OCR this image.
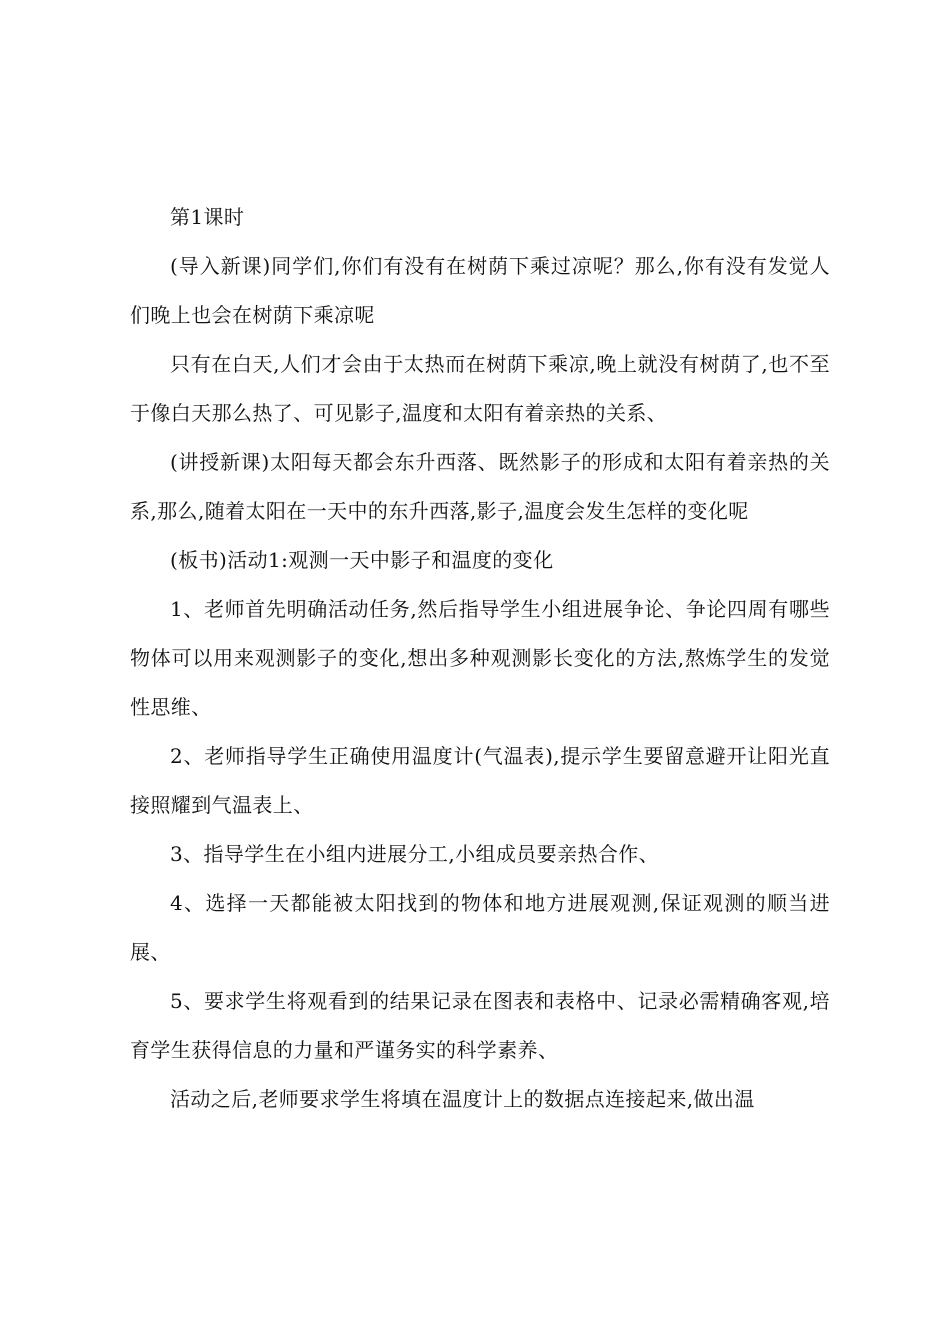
第1课时

(导入新课)同学们,你们有没有在树荫下乘过凉呢？那么,你有没有发觉人们晚上也会在树荫下乘凉呢

只有在白天,人们才会由于太热而在树荫下乘凉,晚上就没有树荫了,也不至于像白天那么热了、可见影子,温度和太阳有着亲热的关系、

(讲授新课)太阳每天都会东升西落、既然影子的形成和太阳有着亲热的关系,那么,随着太阳在一天中的东升西落,影子,温度会发生怎样的变化呢

(板书)活动1:观测一天中影子和温度的变化

1、老师首先明确活动任务,然后指导学生小组进展争论、争论四周有哪些物体可以用来观测影子的变化,想出多种观测影长变化的方法,熬炼学生的发觉性思维、

2、老师指导学生正确使用温度计(气温表),提示学生要留意避开让阳光直接照耀到气温表上、

3、指导学生在小组内进展分工,小组成员要亲热合作、

4、选择一天都能被太阳找到的物体和地方进展观测,保证观测的顺当进展、

5、要求学生将观看到的结果记录在图表和表格中、记录必需精确客观,培育学生获得信息的力量和严谨务实的科学素养、

活动之后,老师要求学生将填在温度计上的数据点连接起来,做出温
